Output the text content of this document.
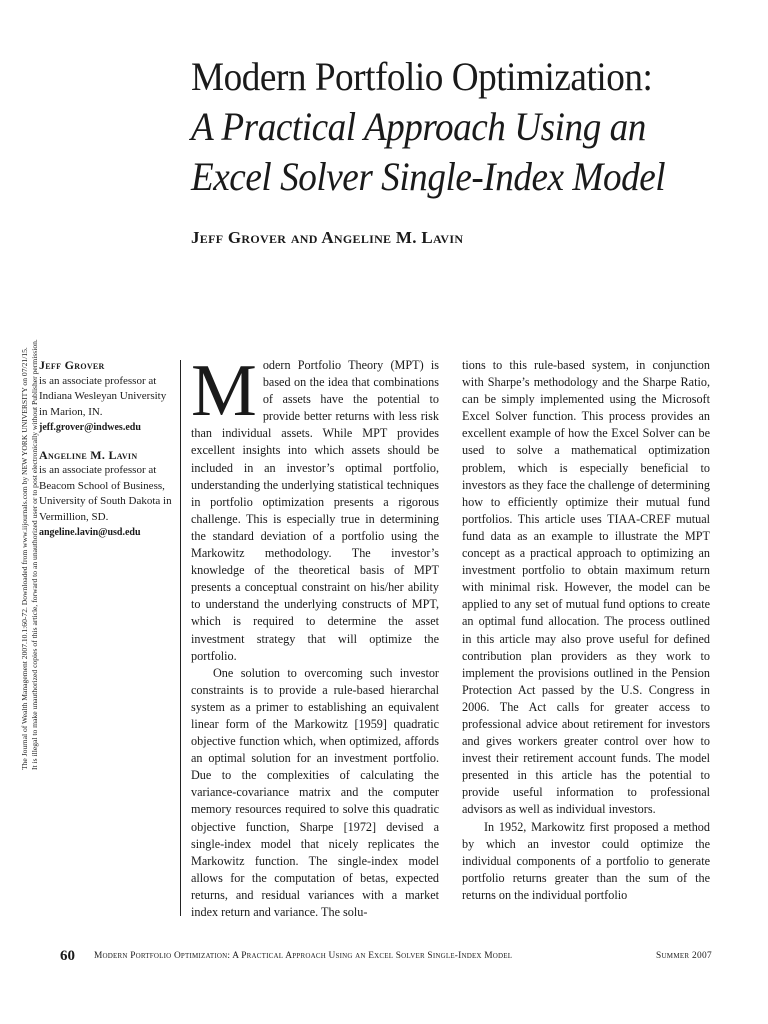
Modern Portfolio Optimization:
A Practical Approach Using an
Excel Solver Single-Index Model
Jeff Grover and Angeline M. Lavin
The Journal of Wealth Management 2007.10.1:60-72. Downloaded from www.iijournals.com by NEW YORK UNIVERSITY on 07/21/15. It is illegal to make unauthorized copies of this article, forward to an unauthorized user or to post electronically without Publisher permission. Jeff Grover
is an associate professor at Indiana Wesleyan University in Marion, IN.
jeff.grover@indwes.edu
Angeline M. Lavin
is an associate professor at Beacom School of Business, University of South Dakota in Vermillion, SD.
angeline.lavin@usd.edu

Modern Portfolio Theory (MPT) is based on the idea that combinations of assets have the potential to provide better returns with less risk than individual assets. While MPT provides excellent insights into which assets should be included in an investor’s optimal portfolio, understanding the underlying statistical techniques in portfolio optimization presents a rigorous challenge. This is especially true in determining the standard deviation of a portfolio using the Markowitz methodology. The investor’s knowledge of the theoretical basis of MPT presents a conceptual constraint on his/her ability to understand the underlying constructs of MPT, which is required to determine the asset investment strategy that will optimize the portfolio.

One solution to overcoming such investor constraints is to provide a rule-based hierarchal system as a primer to establishing an equivalent linear form of the Markowitz [1959] quadratic objective function which, when optimized, affords an optimal solution for an investment portfolio. Due to the complexities of calculating the variance-covariance matrix and the computer memory resources required to solve this quadratic objective function, Sharpe [1972] devised a single-index model that nicely replicates the Markowitz function. The single-index model allows for the computation of betas, expected returns, and residual variances with a market index return and variance. The solu-

tions to this rule-based system, in conjunction with Sharpe’s methodology and the Sharpe Ratio, can be simply implemented using the Microsoft Excel Solver function. This process provides an excellent example of how the Excel Solver can be used to solve a mathematical optimization problem, which is especially beneficial to investors as they face the challenge of determining how to efficiently optimize their mutual fund portfolios. This article uses TIAA-CREF mutual fund data as an example to illustrate the MPT concept as a practical approach to optimizing an investment portfolio to obtain maximum return with minimal risk. However, the model can be applied to any set of mutual fund options to create an optimal fund allocation. The process outlined in this article may also prove useful for defined contribution plan providers as they work to implement the provisions outlined in the Pension Protection Act passed by the U.S. Congress in 2006. The Act calls for greater access to professional advice about retirement for investors and gives workers greater control over how to invest their retirement account funds. The model presented in this article has the potential to provide useful information to professional advisors as well as individual investors.

In 1952, Markowitz first proposed a method by which an investor could optimize the individual components of a portfolio to generate portfolio returns greater than the sum of the returns on the individual portfolio

60 Modern Portfolio Optimization: A Practical Approach Using an Excel Solver Single-Index Model	Summer 2007
